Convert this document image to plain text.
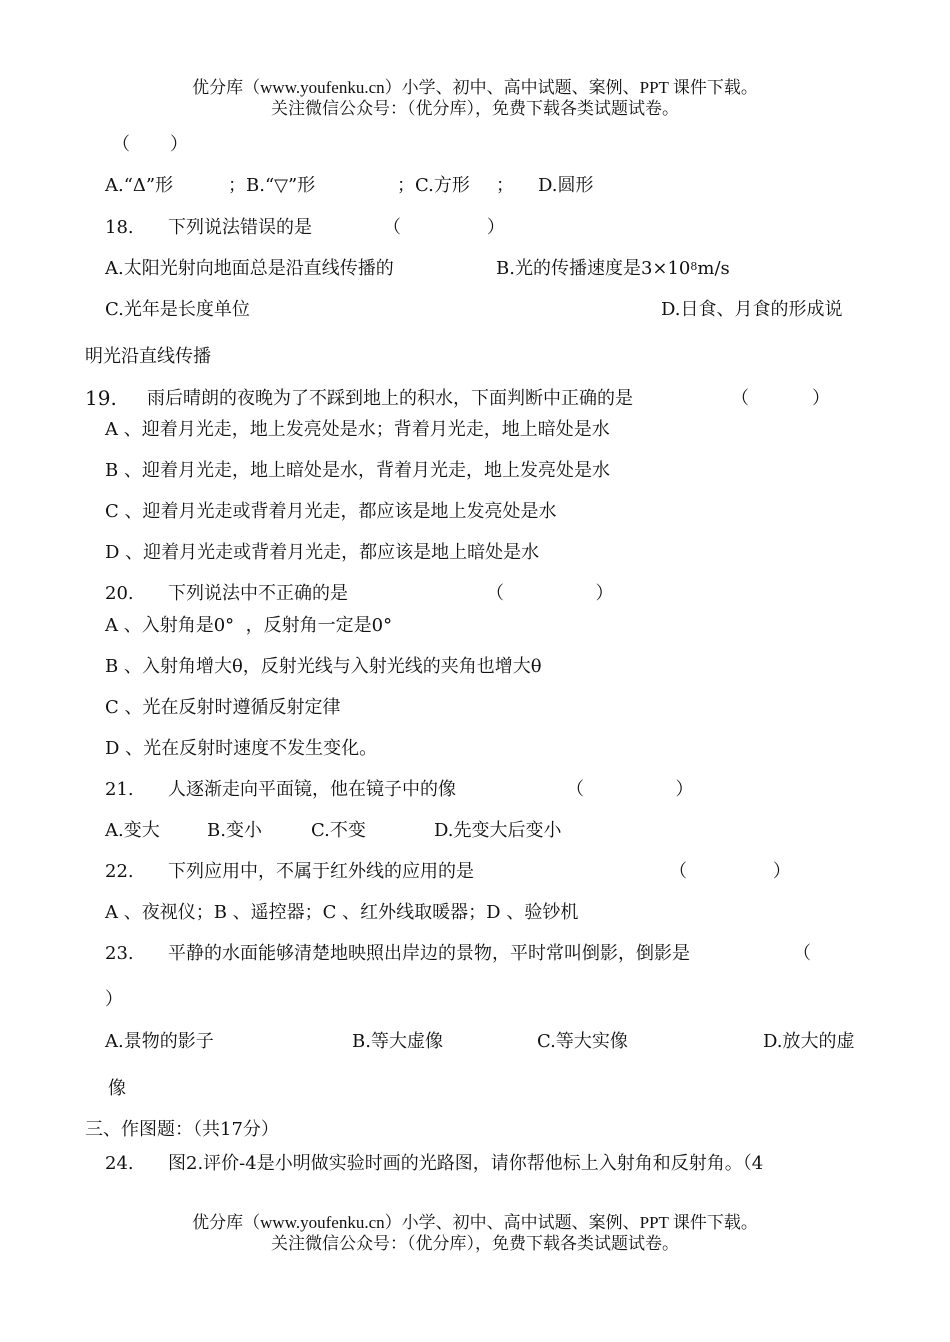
优分库（www.youfenku.cn）小学、初中、高中试题、案例、PPT 课件下载。
关注微信公众号：（优分库），免费下载各类试题试卷。
（       ）
A.“Δ”形	；B.“▽”形	；C.方形 ； D.圆形
18. 下列说法错误的是	（               ）
A.太阳光射向地面总是沿直线传播的	B.光的传播速度是$3\times 10^8m/s$
C.光年是长度单位	D.日食、月食的形成说
明光沿直线传播
19. 雨后晴朗的夜晚为了不踩到地上的积水，下面判断中正确的是	（           ）
A 、迎着月光走，地上发亮处是水；背着月光走，地上暗处是水
B 、迎着月光走，地上暗处是水，背着月光走，地上发亮处是水
C 、迎着月光走或背着月光走，都应该是地上发亮处是水
D 、迎着月光走或背着月光走，都应该是地上暗处是水
20. 下列说法中不正确的是	（                ）
A 、入射角是0°  ，反射角一定是0°
B 、入射角增大θ，反射光线与入射光线的夹角也增大θ
C 、光在反射时遵循反射定律
D 、光在反射时速度不发生变化。
21. 人逐渐走向平面镜，他在镜子中的像	（                ）
A.变大	B.变小	C.不变	D.先变大后变小
22. 下列应用中，不属于红外线的应用的是	（               ）
A 、夜视仪；B 、遥控器；C 、红外线取暖器；D 、验钞机
23. 平静的水面能够清楚地映照出岸边的景物，平时常叫倒影，倒影是	（
）
A.景物的影子	B.等大虚像	C.等大实像	D.放大的虚
像
三、作图题：（共17分）
24. 图2.评价-4是小明做实验时画的光路图，请你帮他标上入射角和反射角。（4
优分库（www.youfenku.cn）小学、初中、高中试题、案例、PPT 课件下载。
关注微信公众号：（优分库），免费下载各类试题试卷。
